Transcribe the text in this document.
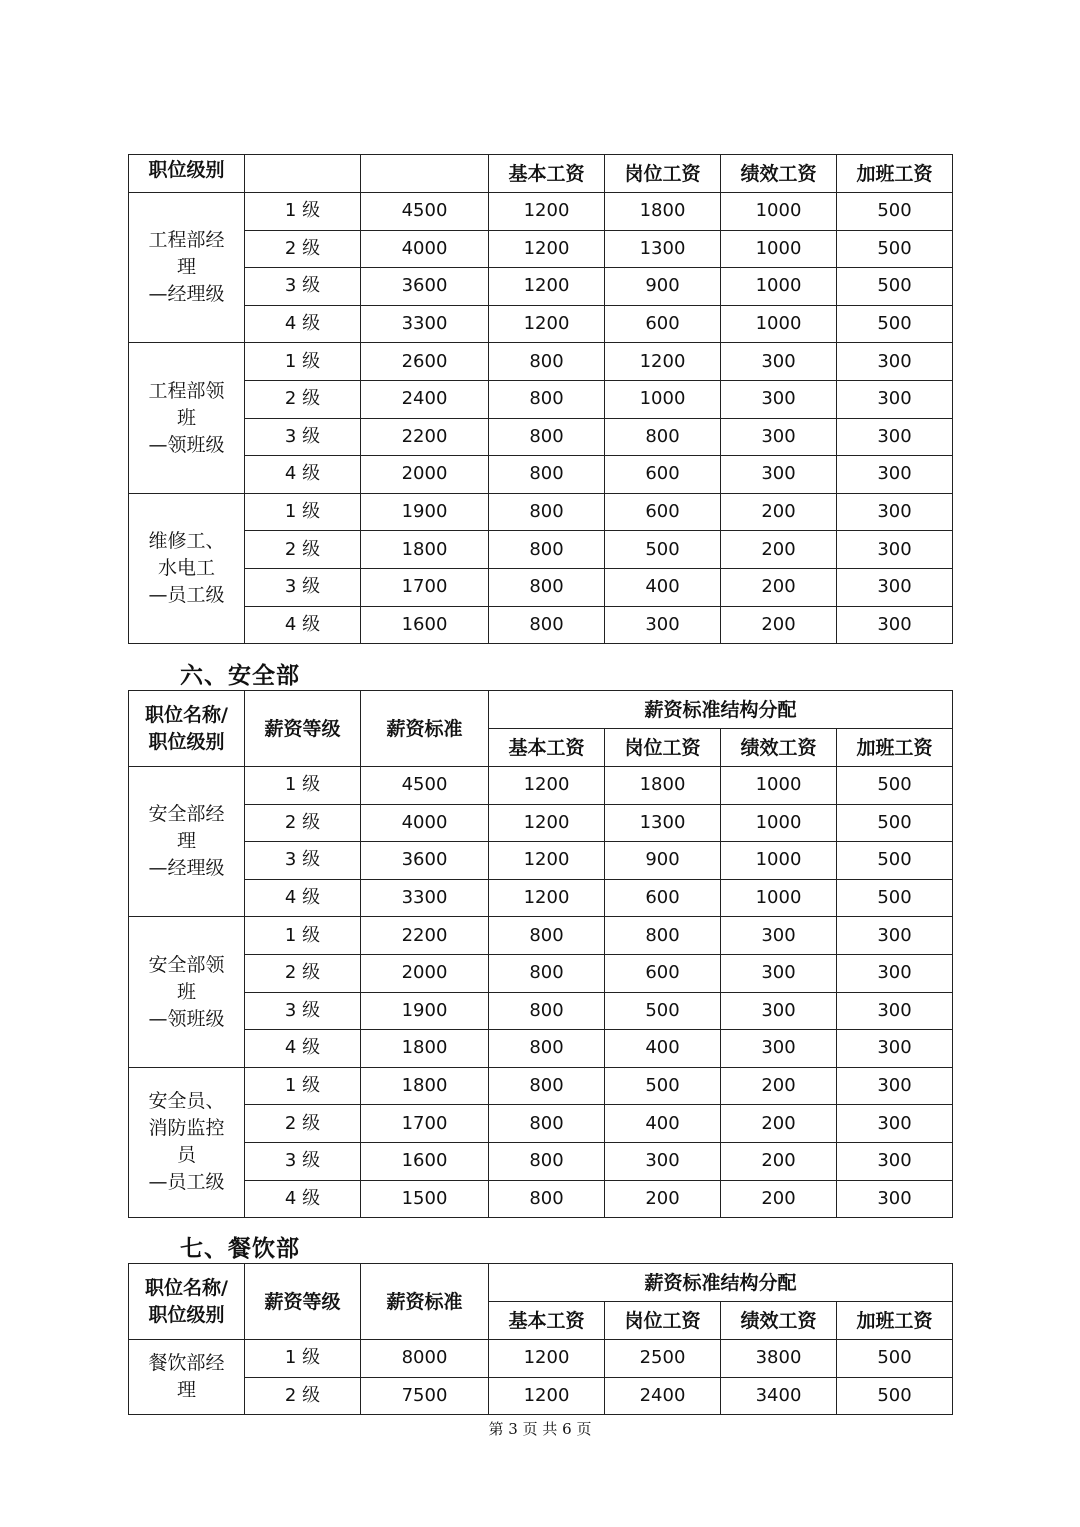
职位级别			基本工资	岗位工资	绩效工资	加班工资
工程部经
理
—经理级	1 级	4500	1200	1800	1000	500
	2 级	4000	1200	1300	1000	500
	3 级	3600	1200	900	1000	500
	4 级	3300	1200	600	1000	500
工程部领
班
—领班级	1 级	2600	800	1200	300	300
	2 级	2400	800	1000	300	300
	3 级	2200	800	800	300	300
	4 级	2000	800	600	300	300
维修工、
水电工
—员工级	1 级	1900	800	600	200	300
	2 级	1800	800	500	200	300
	3 级	1700	800	400	200	300
	4 级	1600	800	300	200	300
六、安全部
职位名称/
职位级别	薪资等级	薪资标准	薪资标准结构分配			
			基本工资	岗位工资	绩效工资	加班工资
安全部经
理
—经理级	1 级	4500	1200	1800	1000	500
	2 级	4000	1200	1300	1000	500
	3 级	3600	1200	900	1000	500
	4 级	3300	1200	600	1000	500
安全部领
班
—领班级	1 级	2200	800	800	300	300
	2 级	2000	800	600	300	300
	3 级	1900	800	500	300	300
	4 级	1800	800	400	300	300
安全员、
消防监控
员
—员工级	1 级	1800	800	500	200	300
	2 级	1700	800	400	200	300
	3 级	1600	800	300	200	300
	4 级	1500	800	200	200	300
七、餐饮部
职位名称/
职位级别	薪资等级	薪资标准	薪资标准结构分配			
			基本工资	岗位工资	绩效工资	加班工资
餐饮部经
理	1 级	8000	1200	2500	3800	500
	2 级	7500	1200	2400	3400	500
第 3 页 共 6 页
